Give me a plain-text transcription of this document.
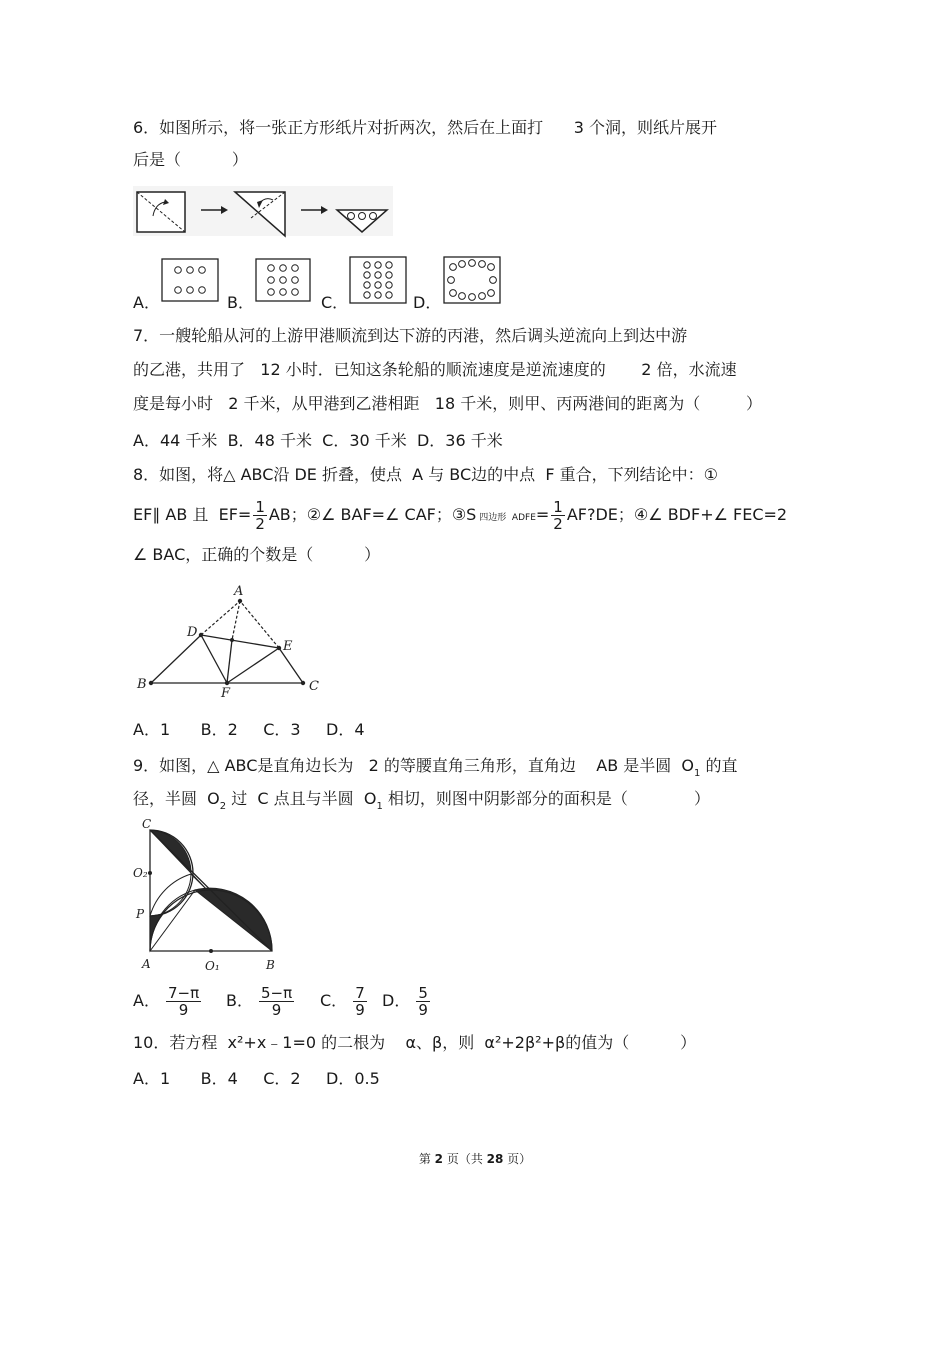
6．如图所示，将一张正方形纸片对折两次，然后在上面打      3 个洞，则纸片展开
后是（          ）
A．	B．	C．	D．
7．一艘轮船从河的上游甲港顺流到达下游的丙港，然后调头逆流向上到达中游
的乙港，共用了   12 小时．已知这条轮船的顺流速度是逆流速度的       2 倍，水流速
度是每小时   2 千米，从甲港到乙港相距   18 千米，则甲、丙两港间的距离为（         ）
A．44 千米  B．48 千米  C．30 千米  D．36 千米
8．如图，将△ ABC沿 DE 折叠，使点  A 与 BC边的中点  F 重合，下列结论中：①
EF∥ AB 且  $EF= \frac{1}{2}$ AB；②∠ BAF=∠ CAF；③S 四边形  ADFE= $\frac{1}{2}$ AF?DE；④∠ BDF+∠ FEC=2
∠ BAC，正确的个数是（          ）
A
D
E
B	C
F
A．1      B．2     C．3     D．4
9．如图，△ ABC是直角边长为   2 的等腰直角三角形，直角边    AB 是半圆  $O_1$ 的直
径，半圆  $O_2$ 过  C 点且与半圆  $O_1$ 相切，则图中阴影部分的面积是（             ）
C
O₂
P
A	O₁	B
A． $\frac{7-\pi}{9}$ B． $\frac{5-\pi}{9}$ C． $\frac{7}{9}$ D． $\frac{5}{9}$
10．若方程  x²+x﹣1=0 的二根为    α、β，则  α²+2β²+β的值为（          ）
A．1      B．4     C．2     D．0.5
第 2 页（共 28 页）
